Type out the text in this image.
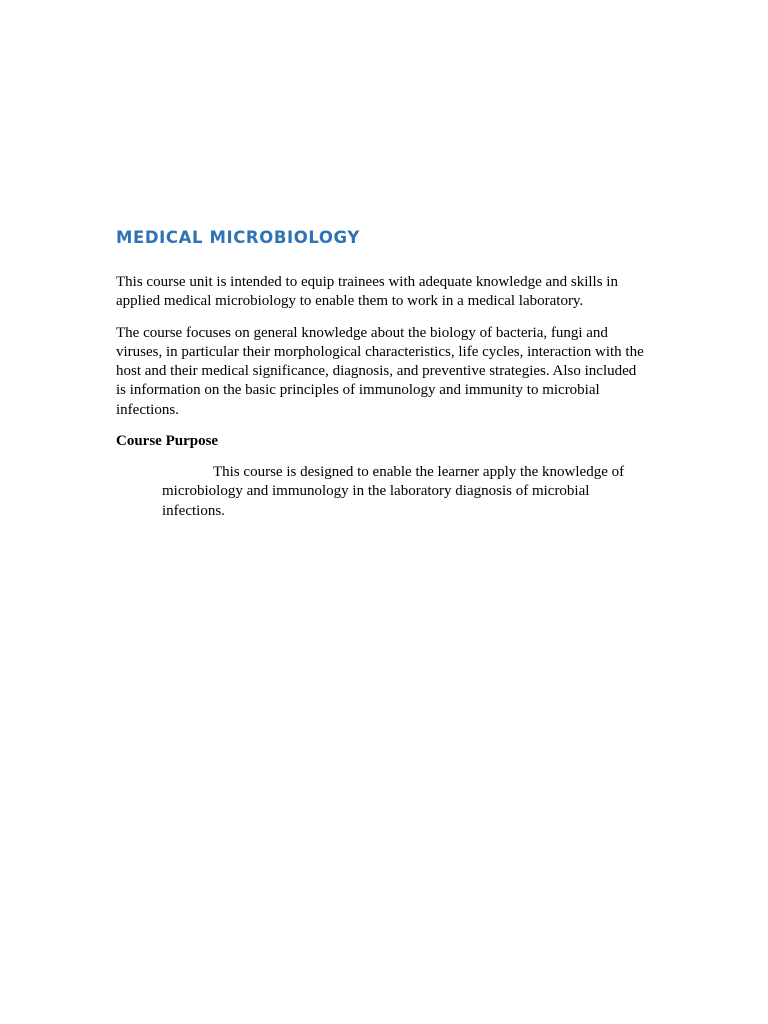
MEDICAL MICROBIOLOGY

This course unit is intended to equip trainees with adequate knowledge and skills in applied medical microbiology to enable them to work in a medical laboratory.

The course focuses on general knowledge about the biology of bacteria, fungi and viruses, in particular their morphological characteristics, life cycles, interaction with the host and their medical significance, diagnosis, and preventive strategies. Also included is information on the basic principles of immunology and immunity to microbial infections.

Course Purpose

This course is designed to enable the learner apply the knowledge of microbiology and immunology in the laboratory diagnosis of microbial infections.
